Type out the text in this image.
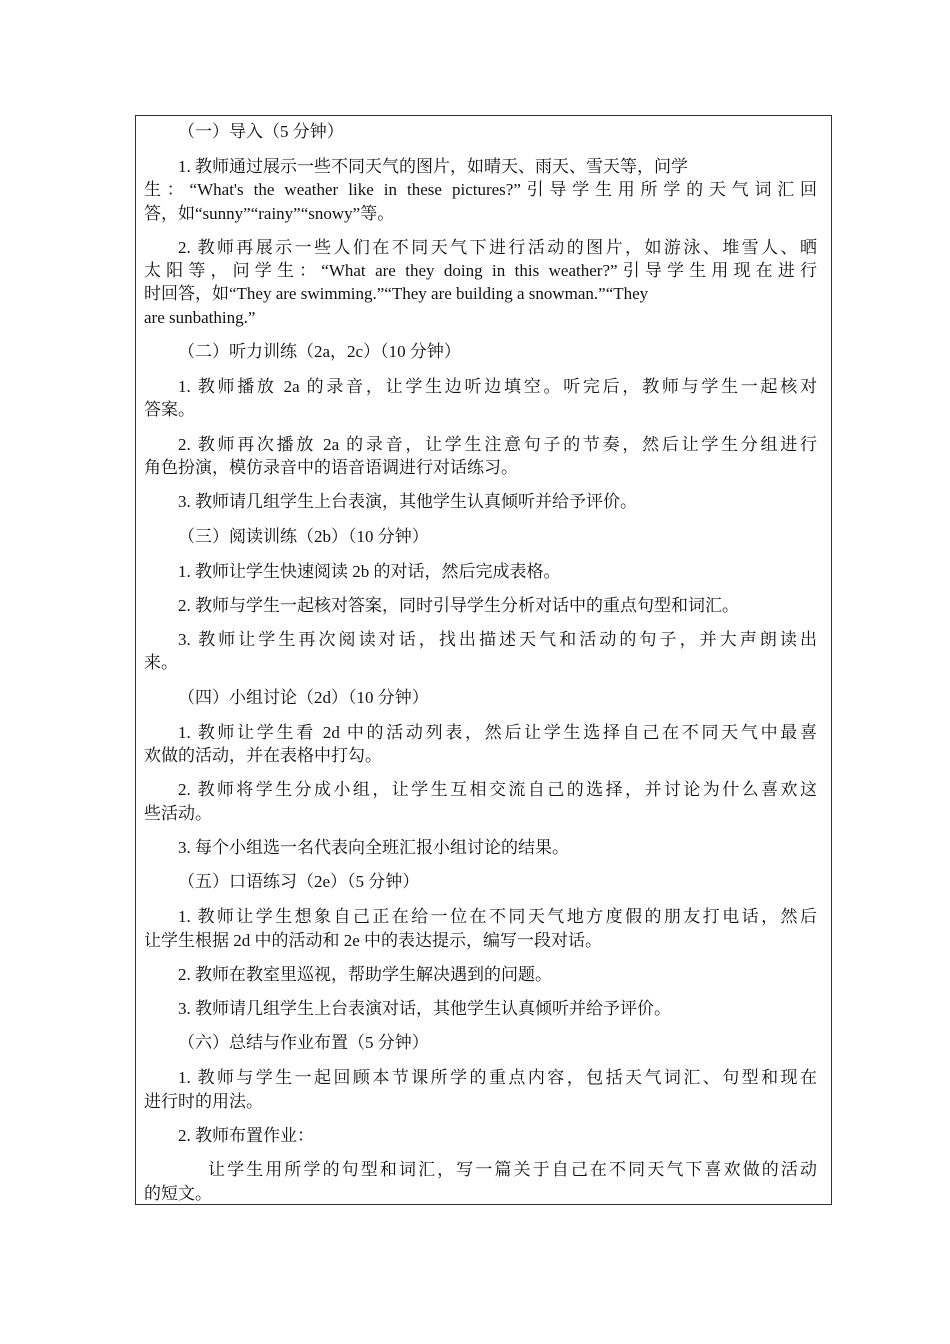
（一）导入（5 分钟）
1. 教师通过展示一些不同天气的图片，如晴天、雨天、雪天等，问学
生：“What's the weather like in these pictures?”引导学生用所学的天气词汇回
答，如“sunny”“rainy”“snowy”等。
2. 教师再展示一些人们在不同天气下进行活动的图片，如游泳、堆雪人、晒
太阳等，问学生：“What are they doing in this weather?”引导学生用现在进行
时回答，如“They are swimming.”“They are building a snowman.”“They
are sunbathing.”
（二）听力训练（2a，2c）（10 分钟）
1. 教师播放 2a 的录音，让学生边听边填空。听完后，教师与学生一起核对
答案。
2. 教师再次播放 2a 的录音，让学生注意句子的节奏，然后让学生分组进行
角色扮演，模仿录音中的语音语调进行对话练习。
3. 教师请几组学生上台表演，其他学生认真倾听并给予评价。
（三）阅读训练（2b）（10 分钟）
1. 教师让学生快速阅读 2b 的对话，然后完成表格。
2. 教师与学生一起核对答案，同时引导学生分析对话中的重点句型和词汇。
3. 教师让学生再次阅读对话，找出描述天气和活动的句子，并大声朗读出
来。
（四）小组讨论（2d）（10 分钟）
1. 教师让学生看 2d 中的活动列表，然后让学生选择自己在不同天气中最喜
欢做的活动，并在表格中打勾。
2. 教师将学生分成小组，让学生互相交流自己的选择，并讨论为什么喜欢这
些活动。
3. 每个小组选一名代表向全班汇报小组讨论的结果。
（五）口语练习（2e）（5 分钟）
1. 教师让学生想象自己正在给一位在不同天气地方度假的朋友打电话，然后
让学生根据 2d 中的活动和 2e 中的表达提示，编写一段对话。
2. 教师在教室里巡视，帮助学生解决遇到的问题。
3. 教师请几组学生上台表演对话，其他学生认真倾听并给予评价。
（六）总结与作业布置（5 分钟）
1. 教师与学生一起回顾本节课所学的重点内容，包括天气词汇、句型和现在
进行时的用法。
2. 教师布置作业：
让学生用所学的句型和词汇，写一篇关于自己在不同天气下喜欢做的活动
的短文。
